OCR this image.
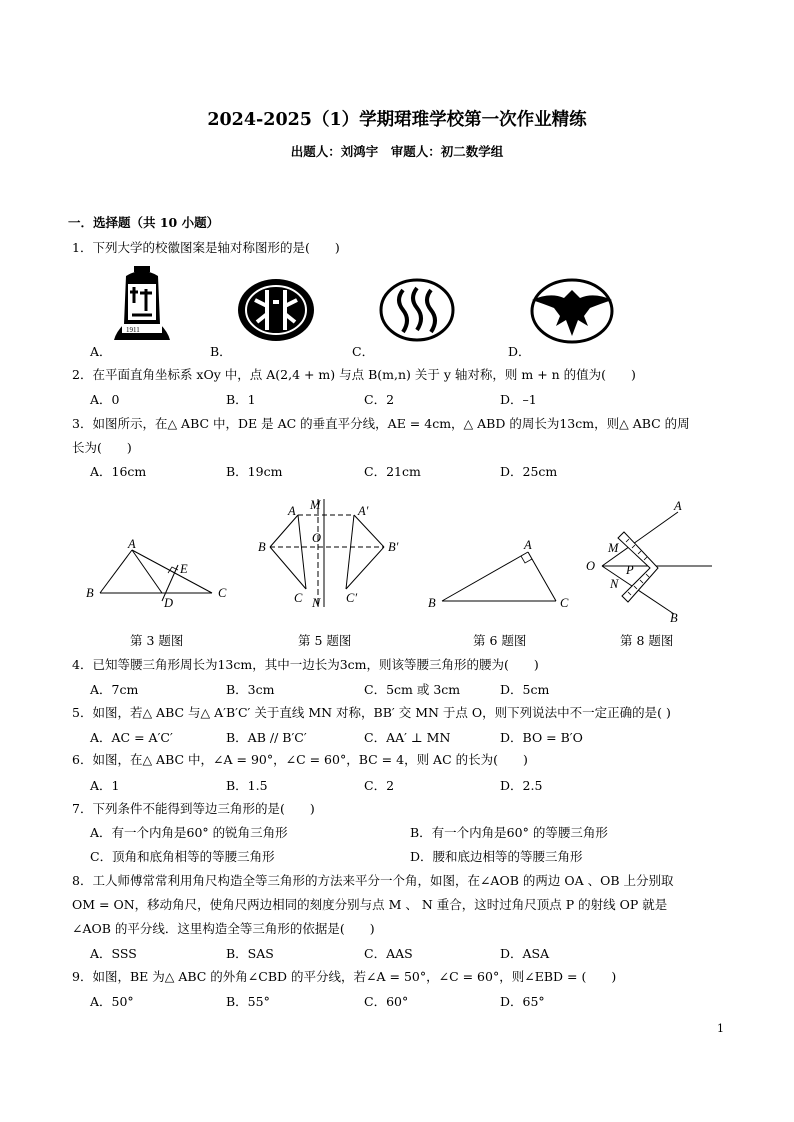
2024-2025（1）学期珺琟学校第一次作业精练
出题人：刘鸿宇　审题人：初二数学组
一．选择题（共 10 小题）
1．下列大学的校徽图案是轴对称图形的是(　　)
1911
A．	B．	C．	D．
2．在平面直角坐标系 xOy 中，点 A(2,4 + m) 与点 B(m,n) 关于 y 轴对称，则 m + n 的值为(　　)
A．0	B．1	C．2	D．–1
3．如图所示，在△ ABC 中，DE 是 AC 的垂直平分线，AE = 4cm，△ ABD 的周长为13cm，则△ ABC 的周
长为(　　)
A．16cm	B．19cm	C．21cm	D．25cm
A
B	C
D
E
A M	A′
B
O
B′
C N C′
A
B	C
A
M
O P
N
B
第 3 题图	第 5 题图	第 6 题图	第 8 题图
4．已知等腰三角形周长为13cm，其中一边长为3cm，则该等腰三角形的腰为(　　)
A．7cm	B．3cm	C．5cm 或 3cm	D．5cm
5．如图，若△ ABC 与△ A′B′C′ 关于直线 MN 对称，BB′ 交 MN 于点 O，则下列说法中不一定正确的是( )
A．AC = A′C′	B．AB // B′C′	C．AA′ ⊥ MN	D．BO = B′O
6．如图，在△ ABC 中，∠A = 90°，∠C = 60°，BC = 4，则 AC 的长为(　　)
A．1	B．1.5	C．2	D．2.5
7．下列条件不能得到等边三角形的是(　　)
A．有一个内角是60° 的锐角三角形	B．有一个内角是60° 的等腰三角形
C．顶角和底角相等的等腰三角形	D．腰和底边相等的等腰三角形
8．工人师傅常常利用角尺构造全等三角形的方法来平分一个角，如图，在∠AOB 的两边 OA 、OB 上分别取
OM = ON，移动角尺，使角尺两边相同的刻度分别与点 M 、 N 重合，这时过角尺顶点 P 的射线 OP 就是
∠AOB 的平分线．这里构造全等三角形的依据是(　　)
A．SSS	B．SAS	C．AAS	D．ASA
9．如图，BE 为△ ABC 的外角∠CBD 的平分线，若∠A = 50°，∠C = 60°，则∠EBD = (　　)
A．50°	B．55°	C．60°	D．65°
1
